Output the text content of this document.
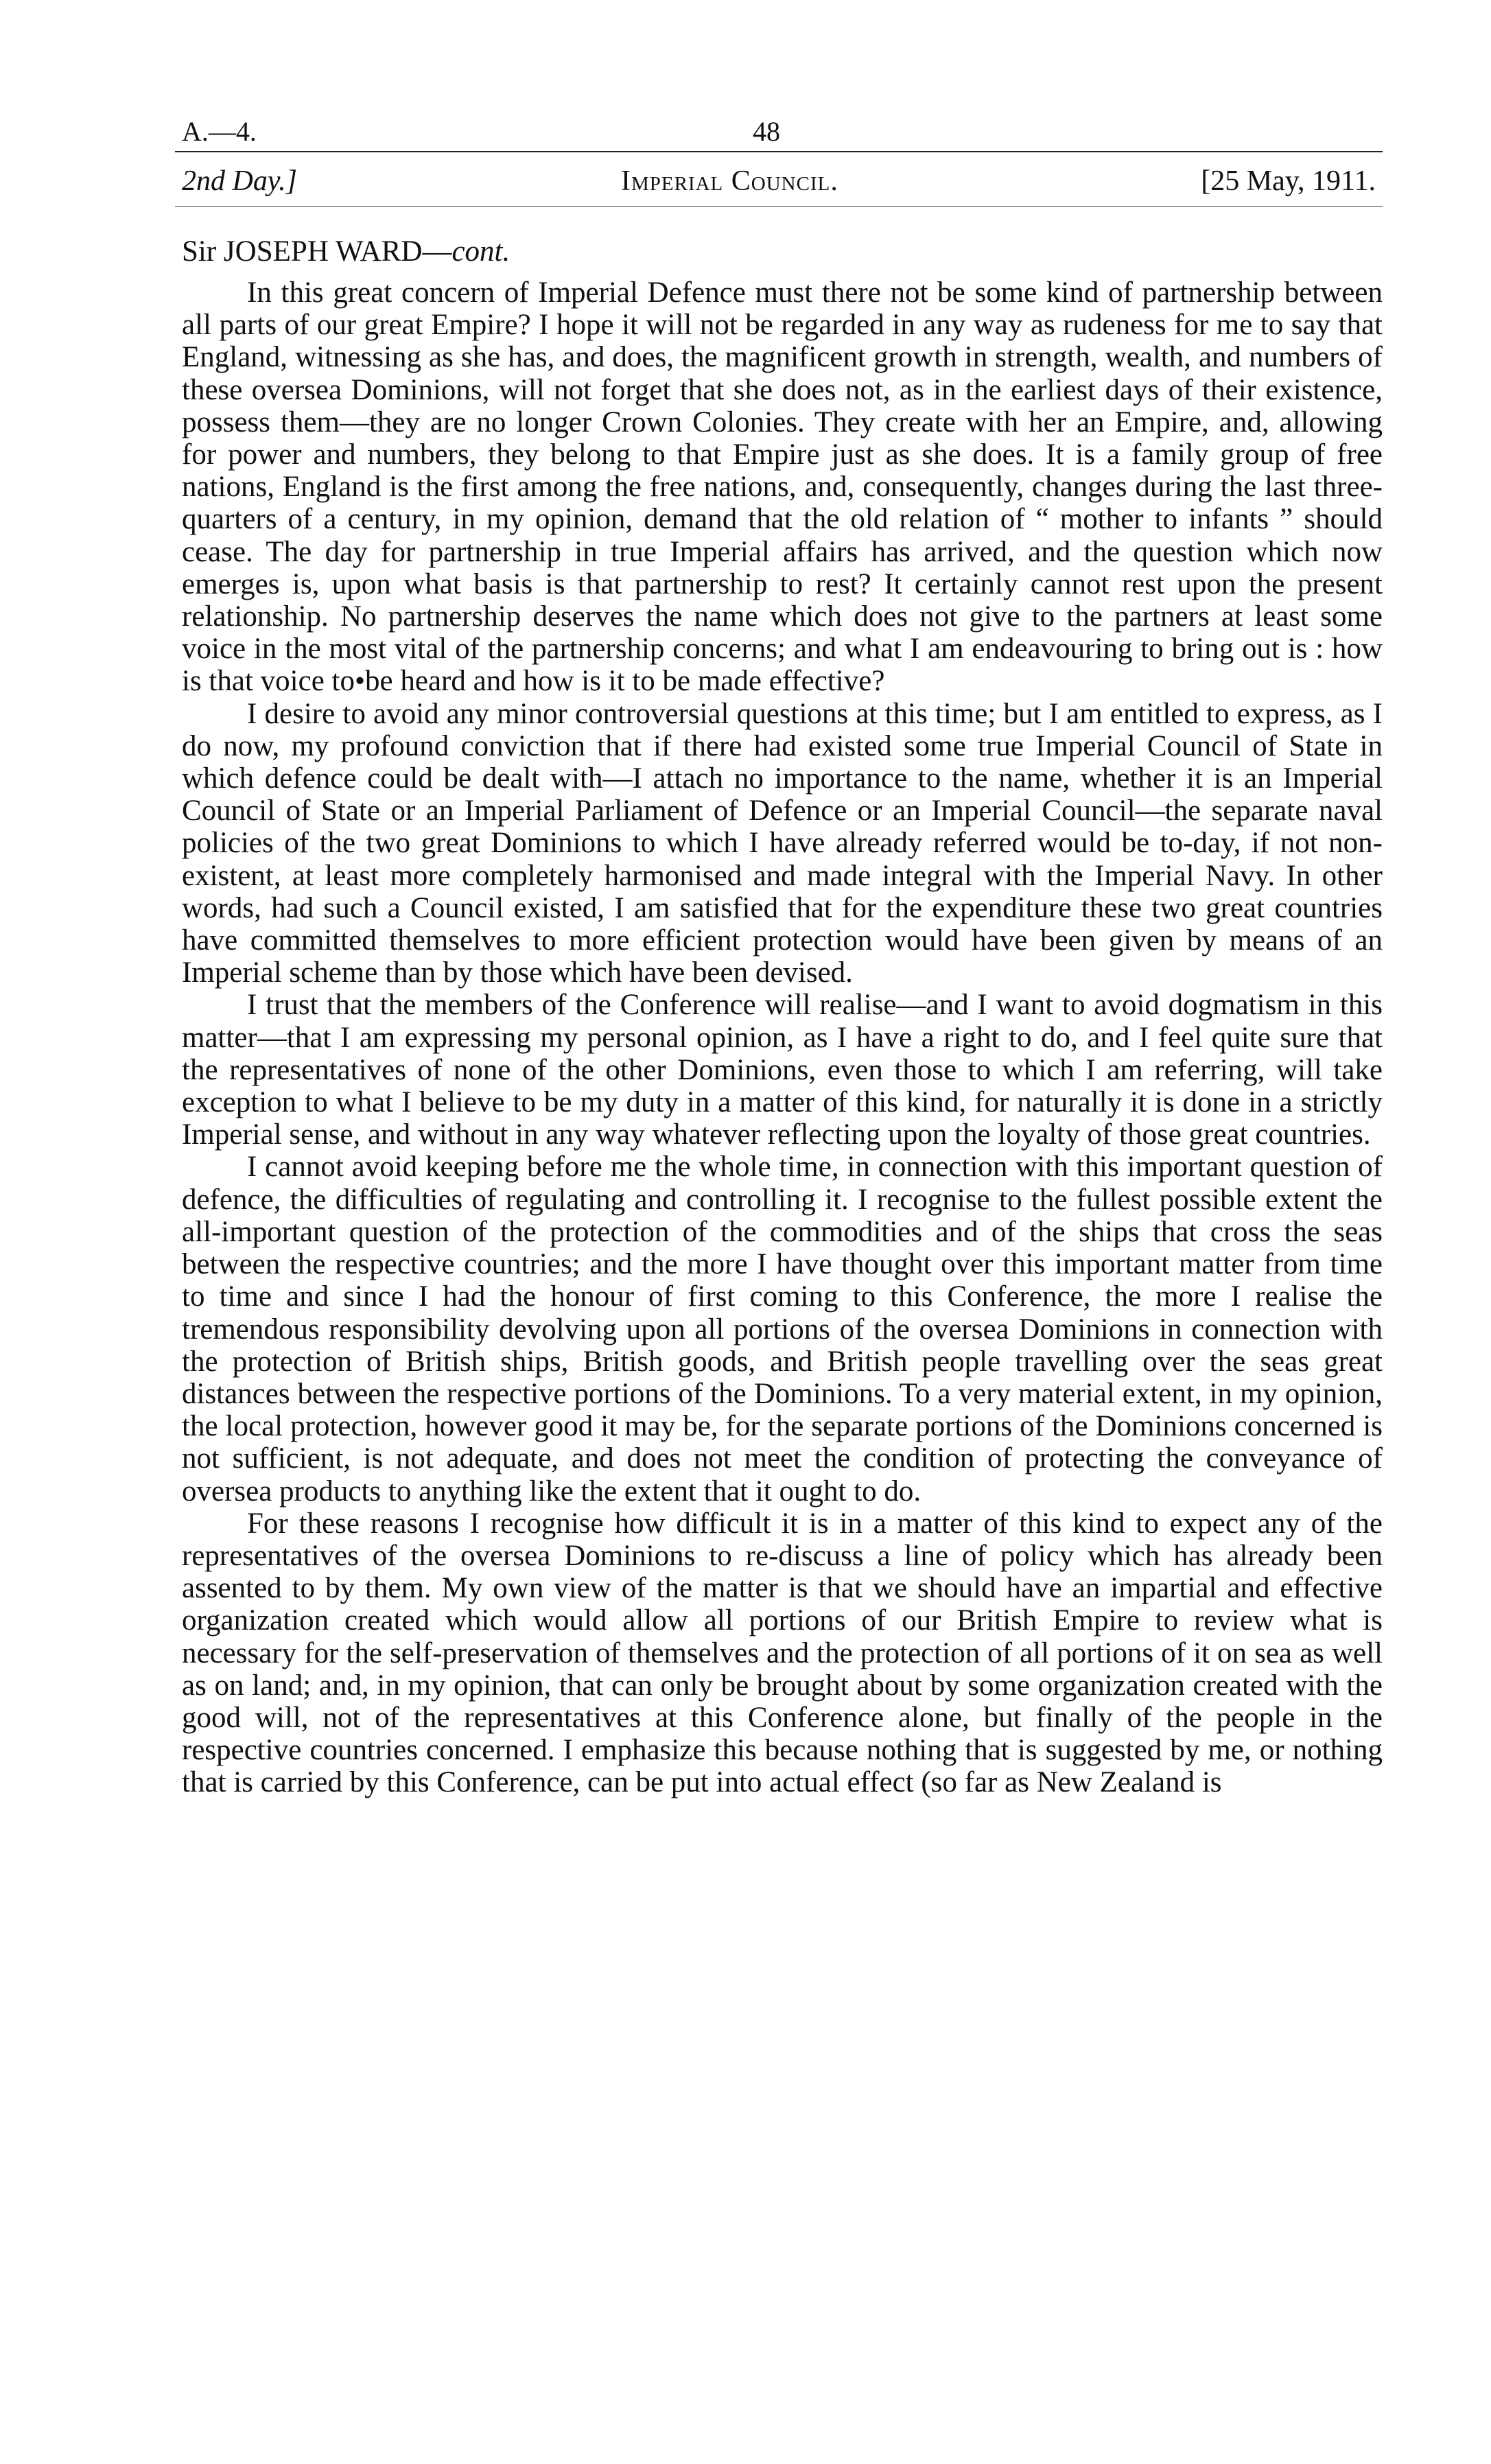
A.—4.	48
2nd Day.]	Imperial Council.	[25 May, 1911.
Sir JOSEPH WARD—cont.

In this great concern of Imperial Defence must there not be some kind of partnership between all parts of our great Empire? I hope it will not be regarded in any way as rudeness for me to say that England, witnessing as she has, and does, the magnificent growth in strength, wealth, and numbers of these oversea Dominions, will not forget that she does not, as in the earliest days of their existence, possess them—they are no longer Crown Colonies. They create with her an Empire, and, allowing for power and numbers, they belong to that Empire just as she does. It is a family group of free nations, England is the first among the free nations, and, consequently, changes during the last three-quarters of a century, in my opinion, demand that the old relation of “ mother to infants ” should cease. The day for partnership in true Imperial affairs has arrived, and the question which now emerges is, upon what basis is that partnership to rest? It certainly cannot rest upon the present relationship. No partnership deserves the name which does not give to the partners at least some voice in the most vital of the partnership concerns; and what I am endeavouring to bring out is : how is that voice to•be heard and how is it to be made effective?

I desire to avoid any minor controversial questions at this time; but I am entitled to express, as I do now, my profound conviction that if there had existed some true Imperial Council of State in which defence could be dealt with—I attach no importance to the name, whether it is an Imperial Council of State or an Imperial Parliament of Defence or an Imperial Council—the separate naval policies of the two great Dominions to which I have already referred would be to-day, if not non-existent, at least more completely harmonised and made integral with the Imperial Navy. In other words, had such a Council existed, I am satisfied that for the expenditure these two great countries have committed themselves to more efficient protection would have been given by means of an Imperial scheme than by those which have been devised.

I trust that the members of the Conference will realise—and I want to avoid dogmatism in this matter—that I am expressing my personal opinion, as I have a right to do, and I feel quite sure that the representatives of none of the other Dominions, even those to which I am referring, will take exception to what I believe to be my duty in a matter of this kind, for naturally it is done in a strictly Imperial sense, and without in any way whatever reflecting upon the loyalty of those great countries.

I cannot avoid keeping before me the whole time, in connection with this important question of defence, the difficulties of regulating and controlling it. I recognise to the fullest possible extent the all-important question of the protection of the commodities and of the ships that cross the seas between the respective countries; and the more I have thought over this important matter from time to time and since I had the honour of first coming to this Conference, the more I realise the tremendous responsibility devolving upon all portions of the oversea Dominions in connection with the protection of British ships, British goods, and British people travelling over the seas great distances between the respective portions of the Dominions. To a very material extent, in my opinion, the local protection, however good it may be, for the separate portions of the Dominions concerned is not sufficient, is not adequate, and does not meet the condition of protecting the conveyance of oversea products to anything like the extent that it ought to do.

For these reasons I recognise how difficult it is in a matter of this kind to expect any of the representatives of the oversea Dominions to re-discuss a line of policy which has already been assented to by them. My own view of the matter is that we should have an impartial and effective organization created which would allow all portions of our British Empire to review what is necessary for the self-preservation of themselves and the protection of all portions of it on sea as well as on land; and, in my opinion, that can only be brought about by some organization created with the good will, not of the representatives at this Conference alone, but finally of the people in the respective countries concerned. I emphasize this because nothing that is suggested by me, or nothing that is carried by this Conference, can be put into actual effect (so far as New Zealand is
